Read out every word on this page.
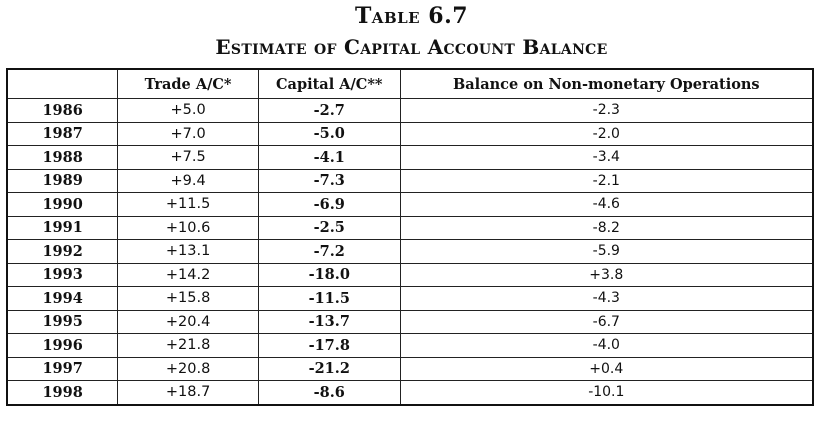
Table 6.7
Estimate of Capital Account Balance
	Trade A/C*	Capital A/C**	Balance on Non-monetary Operations
1986	+5.0	-2.7	-2.3
1987	+7.0	-5.0	-2.0
1988	+7.5	-4.1	-3.4
1989	+9.4	-7.3	-2.1
1990	+11.5	-6.9	-4.6
1991	+10.6	-2.5	-8.2
1992	+13.1	-7.2	-5.9
1993	+14.2	-18.0	+3.8
1994	+15.8	-11.5	-4.3
1995	+20.4	-13.7	-6.7
1996	+21.8	-17.8	-4.0
1997	+20.8	-21.2	+0.4
1998	+18.7	-8.6	-10.1
